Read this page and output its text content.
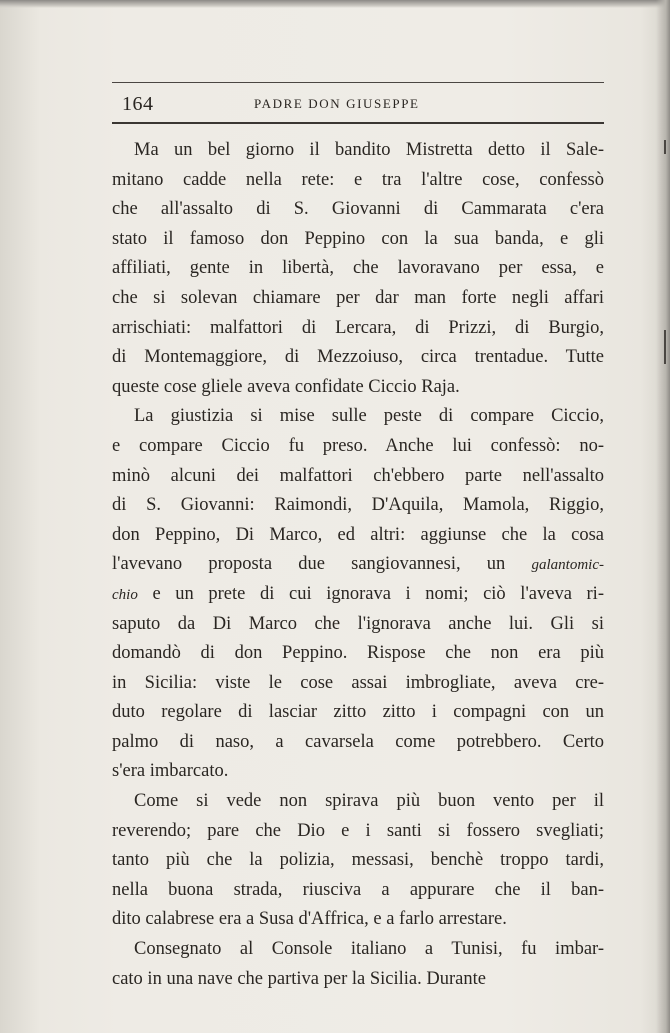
164	PADRE DON GIUSEPPE
Ma un bel giorno il bandito Mistretta detto il Sale-
mitano cadde nella rete: e tra l'altre cose, confessò
che all'assalto di S. Giovanni di Cammarata c'era
stato il famoso don Peppino con la sua banda, e gli
affiliati, gente in libertà, che lavoravano per essa, e
che si solevan chiamare per dar man forte negli affari
arrischiati: malfattori di Lercara, di Prizzi, di Burgio,
di Montemaggiore, di Mezzoiuso, circa trentadue. Tutte
queste cose gliele aveva confidate Ciccio Raja.
La giustizia si mise sulle peste di compare Ciccio,
e compare Ciccio fu preso. Anche lui confessò: no-
minò alcuni dei malfattori ch'ebbero parte nell'assalto
di S. Giovanni: Raimondi, D'Aquila, Mamola, Riggio,
don Peppino, Di Marco, ed altri: aggiunse che la cosa
l'avevano proposta due sangiovannesi, un galantomic-
chio e un prete di cui ignorava i nomi; ciò l'aveva ri-
saputo da Di Marco che l'ignorava anche lui. Gli si
domandò di don Peppino. Rispose che non era più
in Sicilia: viste le cose assai imbrogliate, aveva cre-
duto regolare di lasciar zitto zitto i compagni con un
palmo di naso, a cavarsela come potrebbero. Certo
s'era imbarcato.
Come si vede non spirava più buon vento per il
reverendo; pare che Dio e i santi si fossero svegliati;
tanto più che la polizia, messasi, benchè troppo tardi,
nella buona strada, riusciva a appurare che il ban-
dito calabrese era a Susa d'Affrica, e a farlo arrestare.
Consegnato al Console italiano a Tunisi, fu imbar-
cato in una nave che partiva per la Sicilia. Durante
